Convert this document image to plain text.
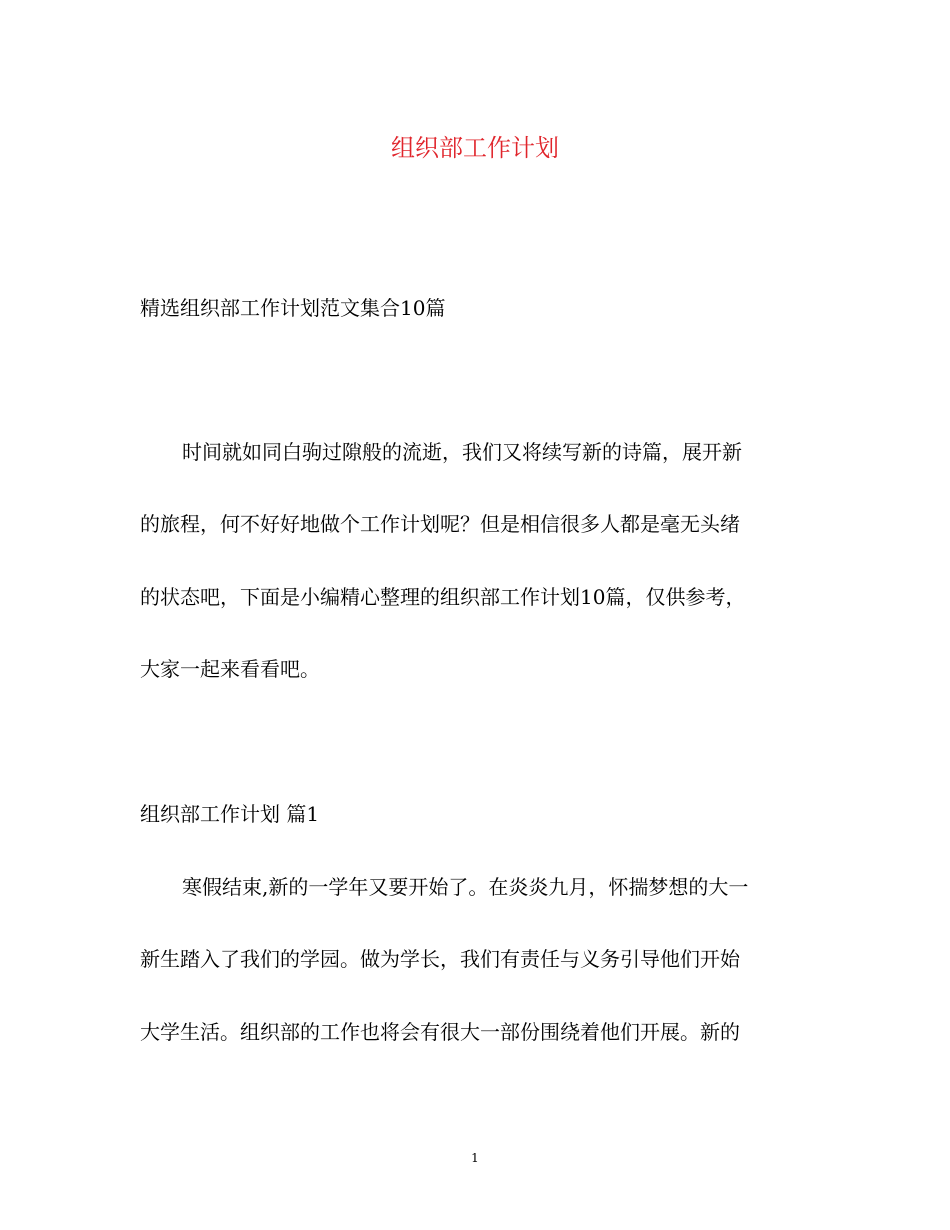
组织部工作计划

精选组织部工作计划范文集合10篇

时间就如同白驹过隙般的流逝，我们又将续写新的诗篇，展开新

的旅程，何不好好地做个工作计划呢？但是相信很多人都是毫无头绪

的状态吧，下面是小编精心整理的组织部工作计划10篇，仅供参考，

大家一起来看看吧。

组织部工作计划 篇1

寒假结束,新的一学年又要开始了。在炎炎九月，怀揣梦想的大一

新生踏入了我们的学园。做为学长，我们有责任与义务引导他们开始

大学生活。组织部的工作也将会有很大一部份围绕着他们开展。新的

1
